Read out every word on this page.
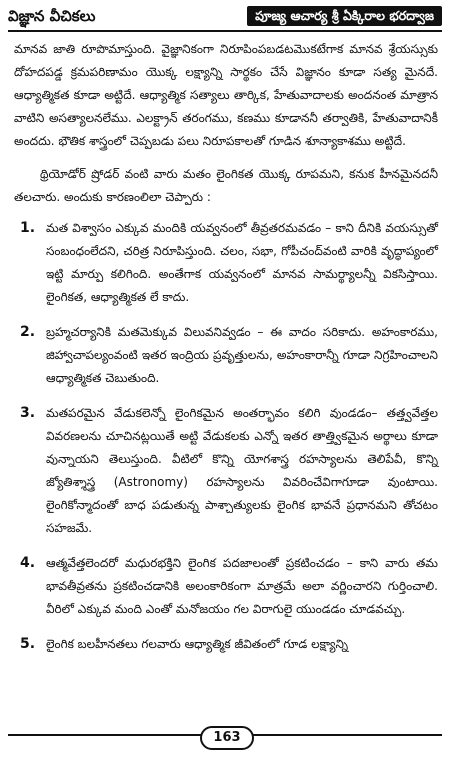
విజ్ఞాన వీచికలు	పూజ్య ఆచార్య శ్రీ ఏక్కిరాల భరద్వాజ

మానవ జాతి రూపొమాస్తుంది. వైజ్ఞానికంగా నిరూపింపబడటమొకటేగాక మానవ శ్రేయస్సుకు దోహదపడ్డ క్రమపరిణామం యొక్క లక్ష్యాన్ని సార్థకం చేసే విజ్ఞానం కూడా సత్య మైనదే. ఆధ్యాత్మికత కూడా అట్టిదే. ఆధ్యాత్మిక సత్యాలు తార్కిక, హేతువాదాలకు అందనంత మాత్రాన వాటిని అసత్యాలనలేము. ఎలక్ట్రాన్ తరంగము, కణము కూడాననీ తర్వాతికి, హేతువాదానికీ అందదు. భౌతిక శాస్త్రంలో చెప్పబడు పలు నిరూపకాలతో గూడిన శూన్యాకాశము అట్టిదే.

థ్రియోడోర్ ష్రోడర్ వంటి వారు మతం లైంగికత యొక్క రూపమని, కనుక హీనమైనదనీ తలచారు. అందుకు కారణంలిలా చెప్పారు :

1. మత విశ్వాసం ఎక్కువ మందికి యవ్వనంలో తీవ్రతరమవడం – కాని దీనికి వయస్సుతో సంబంధంలేదని, చరిత్ర నిరూపిస్తుంది. చలం, సభా, గోపీచంద్‌వంటి వారికి వృద్ధాప్యంలో ఇట్టి మార్పు కలిగింది. అంతేగాక యవ్వనంలో మానవ సామర్థ్యాలన్నీ వికసిస్తాయి. లైంగికత, ఆధ్యాత్మికత లే కాదు.

2. బ్రహ్మచర్యానికి మతమెక్కువ విలువనివ్వడం – ఈ వాదం సరికాదు. అహంకారము, జిహ్వాచాపల్యంవంటి ఇతర ఇంద్రియ ప్రవృత్తులను, అహంకారాన్నీ గూడా నిగ్రహించాలని ఆధ్యాత్మికత చెబుతుంది.

3. మతపరమైన వేడుకలెన్నో లైంగికమైన అంతర్భావం కలిగి వుండడం– తత్త్వవేత్తల వివరణలను చూచినట్లయితే అట్టి వేడుకలకు ఎన్నో ఇతర తాత్త్వికమైన అర్థాలు కూడా వున్నాయని తెలుస్తుంది. వీటిలో కొన్ని యోగశాస్త్ర రహస్యాలను తెలిపేవీ, కొన్ని జ్యోతిశ్శాస్త్ర (Astronomy) రహస్యాలను వివరించేవిగాగూడా వుంటాయి. లైంగికోన్మాదంతో బాధ పడుతున్న పాశ్చాత్యులకు లైంగిక భావనే ప్రధానమని తోచటం సహజమే.

4. ఆత్మవేత్తలెందరో మధురభక్తిని లైంగిక పదజాలంతో ప్రకటించడం – కాని వారు తమ భావతీవ్రతను ప్రకటించడానికి అలంకారికంగా మాత్రమే అలా వర్ణించారని గుర్తించాలి. వీరిలో ఎక్కువ మంది ఎంతో మనోజయం గల విరాగులై యుండడం చూడవచ్చు.

5. లైంగిక బలహీనతలు గలవారు ఆధ్యాత్మిక జీవితంలో గూడ లక్ష్యాన్ని

163
